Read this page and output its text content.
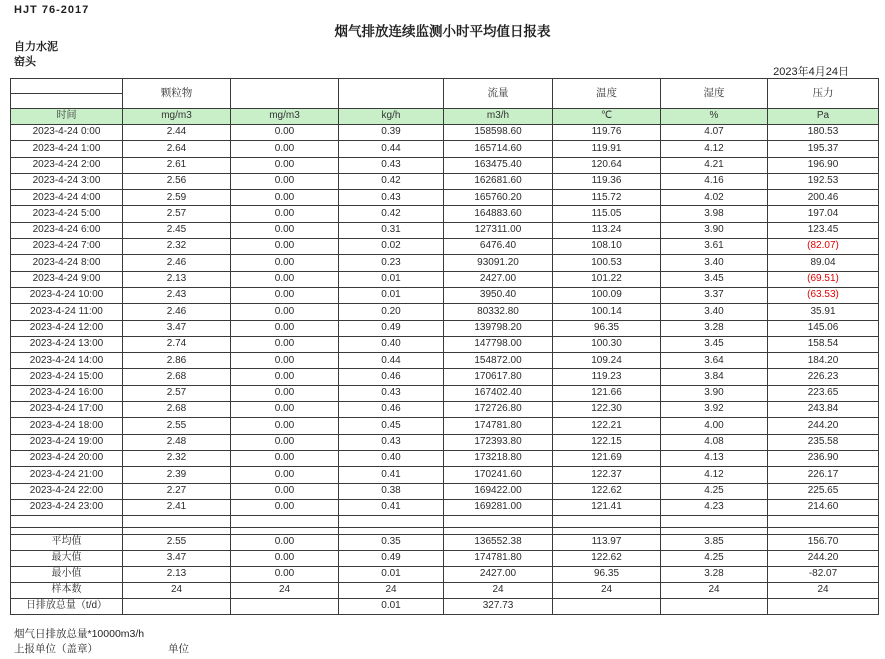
HJT 76-2017
烟气排放连续监测小时平均值日报表
自力水泥
窑头
2023年4月24日
	颗粒物			流量	温度	湿度	压力

时间	mg/m3	mg/m3	kg/h	m3/h	℃	%	Pa
2023-4-24 0:00	2.44	0.00	0.39	158598.60	119.76	4.07	180.53
2023-4-24 1:00	2.64	0.00	0.44	165714.60	119.91	4.12	195.37
2023-4-24 2:00	2.61	0.00	0.43	163475.40	120.64	4.21	196.90
2023-4-24 3:00	2.56	0.00	0.42	162681.60	119.36	4.16	192.53
2023-4-24 4:00	2.59	0.00	0.43	165760.20	115.72	4.02	200.46
2023-4-24 5:00	2.57	0.00	0.42	164883.60	115.05	3.98	197.04
2023-4-24 6:00	2.45	0.00	0.31	127311.00	113.24	3.90	123.45
2023-4-24 7:00	2.32	0.00	0.02	6476.40	108.10	3.61	(82.07)
2023-4-24 8:00	2.46	0.00	0.23	93091.20	100.53	3.40	89.04
2023-4-24 9:00	2.13	0.00	0.01	2427.00	101.22	3.45	(69.51)
2023-4-24 10:00	2.43	0.00	0.01	3950.40	100.09	3.37	(63.53)
2023-4-24 11:00	2.46	0.00	0.20	80332.80	100.14	3.40	35.91
2023-4-24 12:00	3.47	0.00	0.49	139798.20	96.35	3.28	145.06
2023-4-24 13:00	2.74	0.00	0.40	147798.00	100.30	3.45	158.54
2023-4-24 14:00	2.86	0.00	0.44	154872.00	109.24	3.64	184.20
2023-4-24 15:00	2.68	0.00	0.46	170617.80	119.23	3.84	226.23
2023-4-24 16:00	2.57	0.00	0.43	167402.40	121.66	3.90	223.65
2023-4-24 17:00	2.68	0.00	0.46	172726.80	122.30	3.92	243.84
2023-4-24 18:00	2.55	0.00	0.45	174781.80	122.21	4.00	244.20
2023-4-24 19:00	2.48	0.00	0.43	172393.80	122.15	4.08	235.58
2023-4-24 20:00	2.32	0.00	0.40	173218.80	121.69	4.13	236.90
2023-4-24 21:00	2.39	0.00	0.41	170241.60	122.37	4.12	226.17
2023-4-24 22:00	2.27	0.00	0.38	169422.00	122.62	4.25	225.65
2023-4-24 23:00	2.41	0.00	0.41	169281.00	121.41	4.23	214.60

平均值	2.55	0.00	0.35	136552.38	113.97	3.85	156.70
最大值	3.47	0.00	0.49	174781.80	122.62	4.25	244.20
最小值	2.13	0.00	0.01	2427.00	96.35	3.28	-82.07
样本数	24	24	24	24	24	24	24
日排放总量（t/d）			0.01	327.73			
烟气日排放总量*10000m3/h
上报单位（盖章）	单位
